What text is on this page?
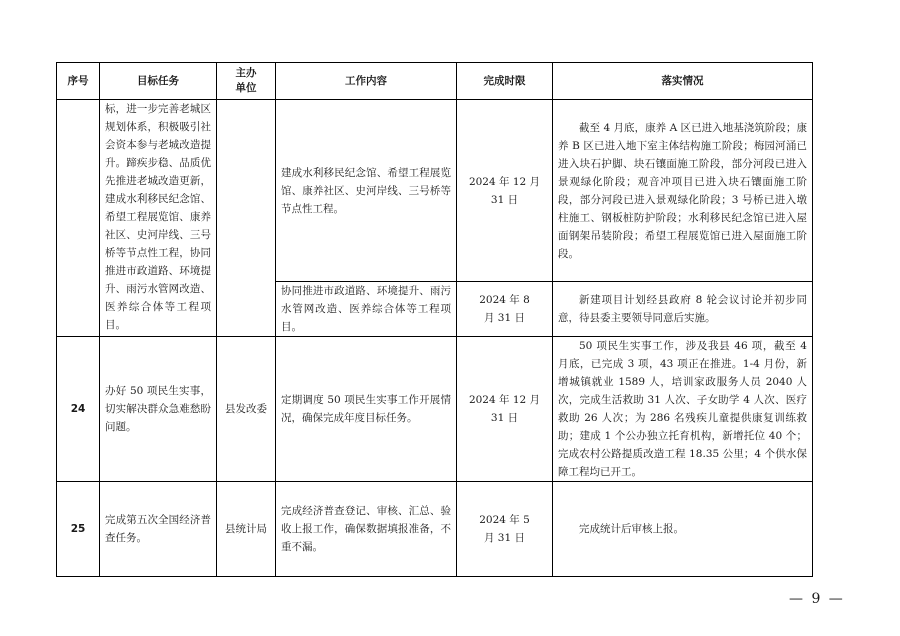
序号	目标任务	主办单位	工作内容	完成时限	落实情况
	标，进一步完善老城区规划体系，积极吸引社会资本参与老城改造提升。蹄疾步稳、品质优先推进老城改造更新，建成水利移民纪念馆、希望工程展览馆、康养社区、史河岸线、三号桥等节点性工程，协同推进市政道路、环境提升、雨污水管网改造、医养综合体等工程项目。		建成水利移民纪念馆、希望工程展览馆、康养社区、史河岸线、三号桥等节点性工程。	2024 年 12 月 31 日	截至 4 月底，康养 A 区已进入地基浇筑阶段；康养 B 区已进入地下室主体结构施工阶段；梅园河涌已进入块石护脚、块石镶面施工阶段，部分河段已进入景观绿化阶段；观音冲项目已进入块石镶面施工阶段，部分河段已进入景观绿化阶段；3 号桥已进入墩柱施工、钢板桩防护阶段；水利移民纪念馆已进入屋面钢架吊装阶段；希望工程展览馆已进入屋面施工阶段。
			协同推进市政道路、环境提升、雨污水管网改造、医养综合体等工程项目。	2024 年 8 月 31 日	新建项目计划经县政府 8 轮会议讨论并初步同意，待县委主要领导同意后实施。
24	办好 50 项民生实事，切实解决群众急难愁盼问题。	县发改委	定期调度 50 项民生实事工作开展情况，确保完成年度目标任务。	2024 年 12 月 31 日	50 项民生实事工作，涉及我县 46 项，截至 4 月底，已完成 3 项，43 项正在推进。1-4 月份，新增城镇就业 1589 人，培训家政服务人员 2040 人次，完成生活救助 31 人次、子女助学 4 人次、医疗救助 26 人次；为 286 名残疾儿童提供康复训练救助；建成 1 个公办独立托育机构，新增托位 40 个；完成农村公路提质改造工程 18.35 公里；4 个供水保障工程均已开工。
25	完成第五次全国经济普查任务。	县统计局	完成经济普查登记、审核、汇总、验收上报工作，确保数据填报准备，不重不漏。	2024 年 5 月 31 日	完成统计后审核上报。
— 9 —
